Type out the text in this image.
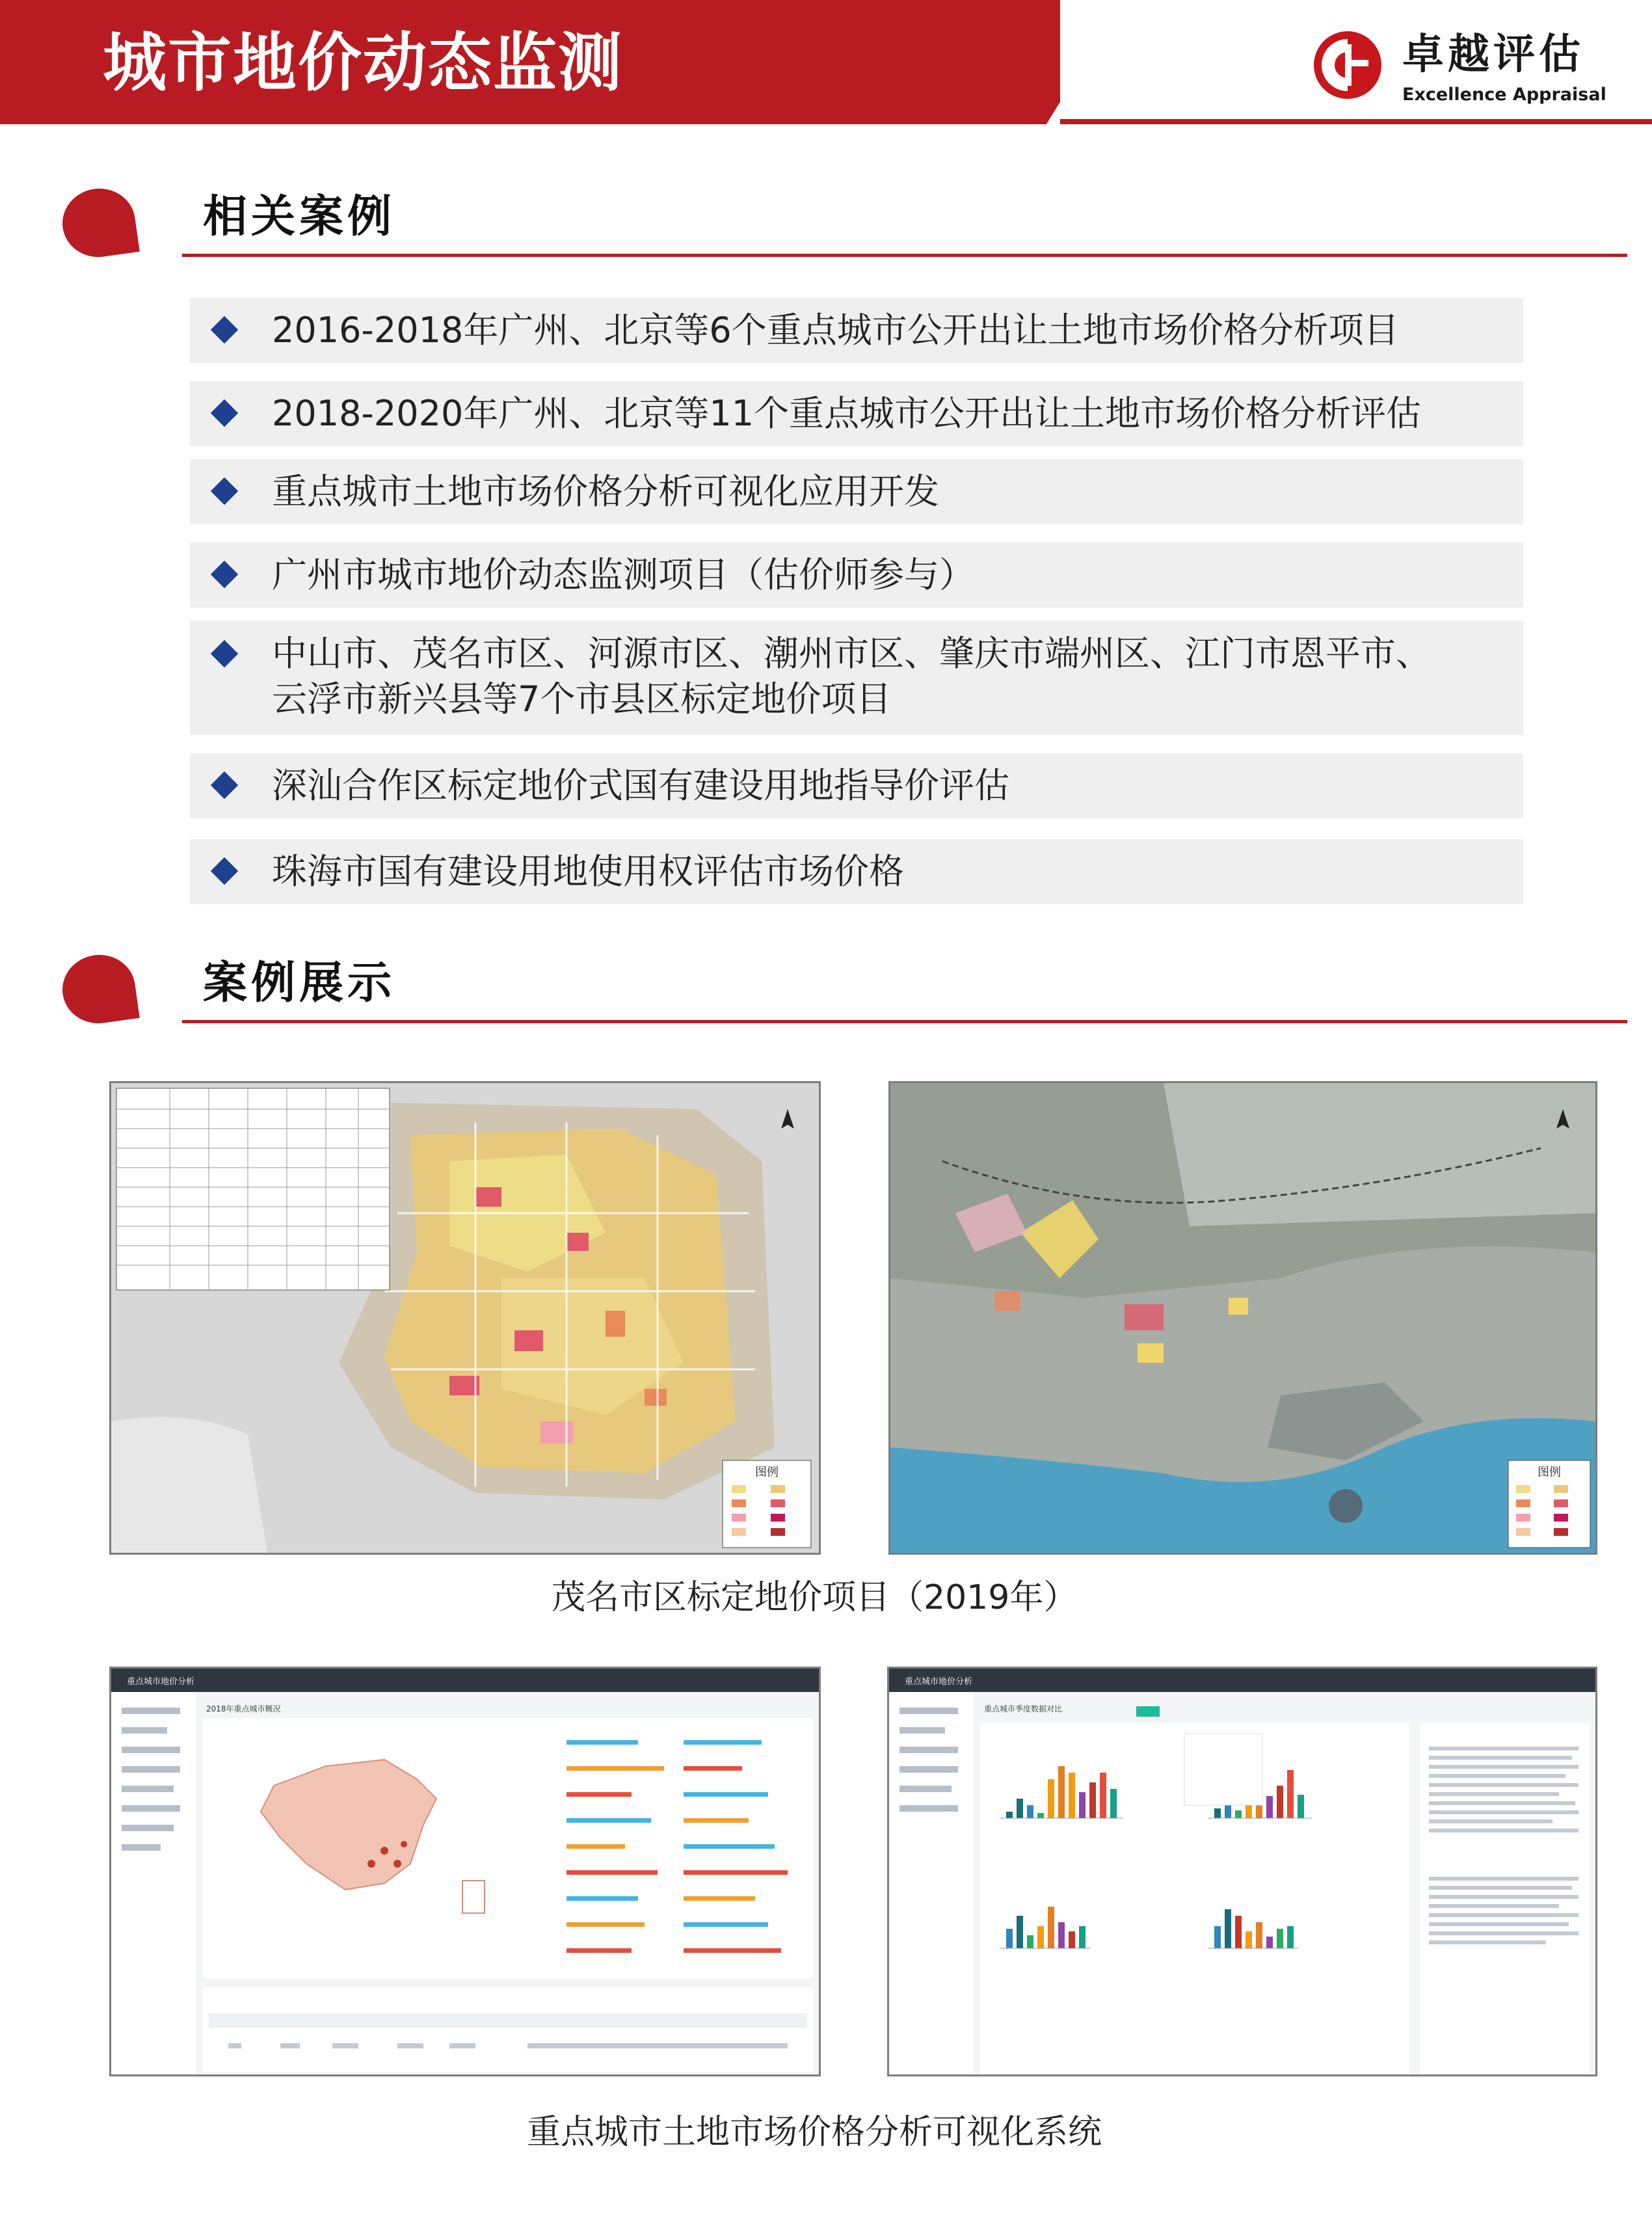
城市地价动态监测	卓越评估
Excellence Appraisal
相关案例
2016-2018年广州、北京等6个重点城市公开出让土地市场价格分析项目
2018-2020年广州、北京等11个重点城市公开出让土地市场价格分析评估
重点城市土地市场价格分析可视化应用开发
广州市城市地价动态监测项目（估价师参与）
中山市、茂名市区、河源市区、潮州市区、肇庆市端州区、江门市恩平市、
云浮市新兴县等7个市县区标定地价项目
深汕合作区标定地价式国有建设用地指导价评估
珠海市国有建设用地使用权评估市场价格
案例展示
图例	图例
茂名市区标定地价项目（2019年）
重点城市地价分析
2018年重点城市概况
重点城市地价分析
重点城市季度数据对比
重点城市土地市场价格分析可视化系统
